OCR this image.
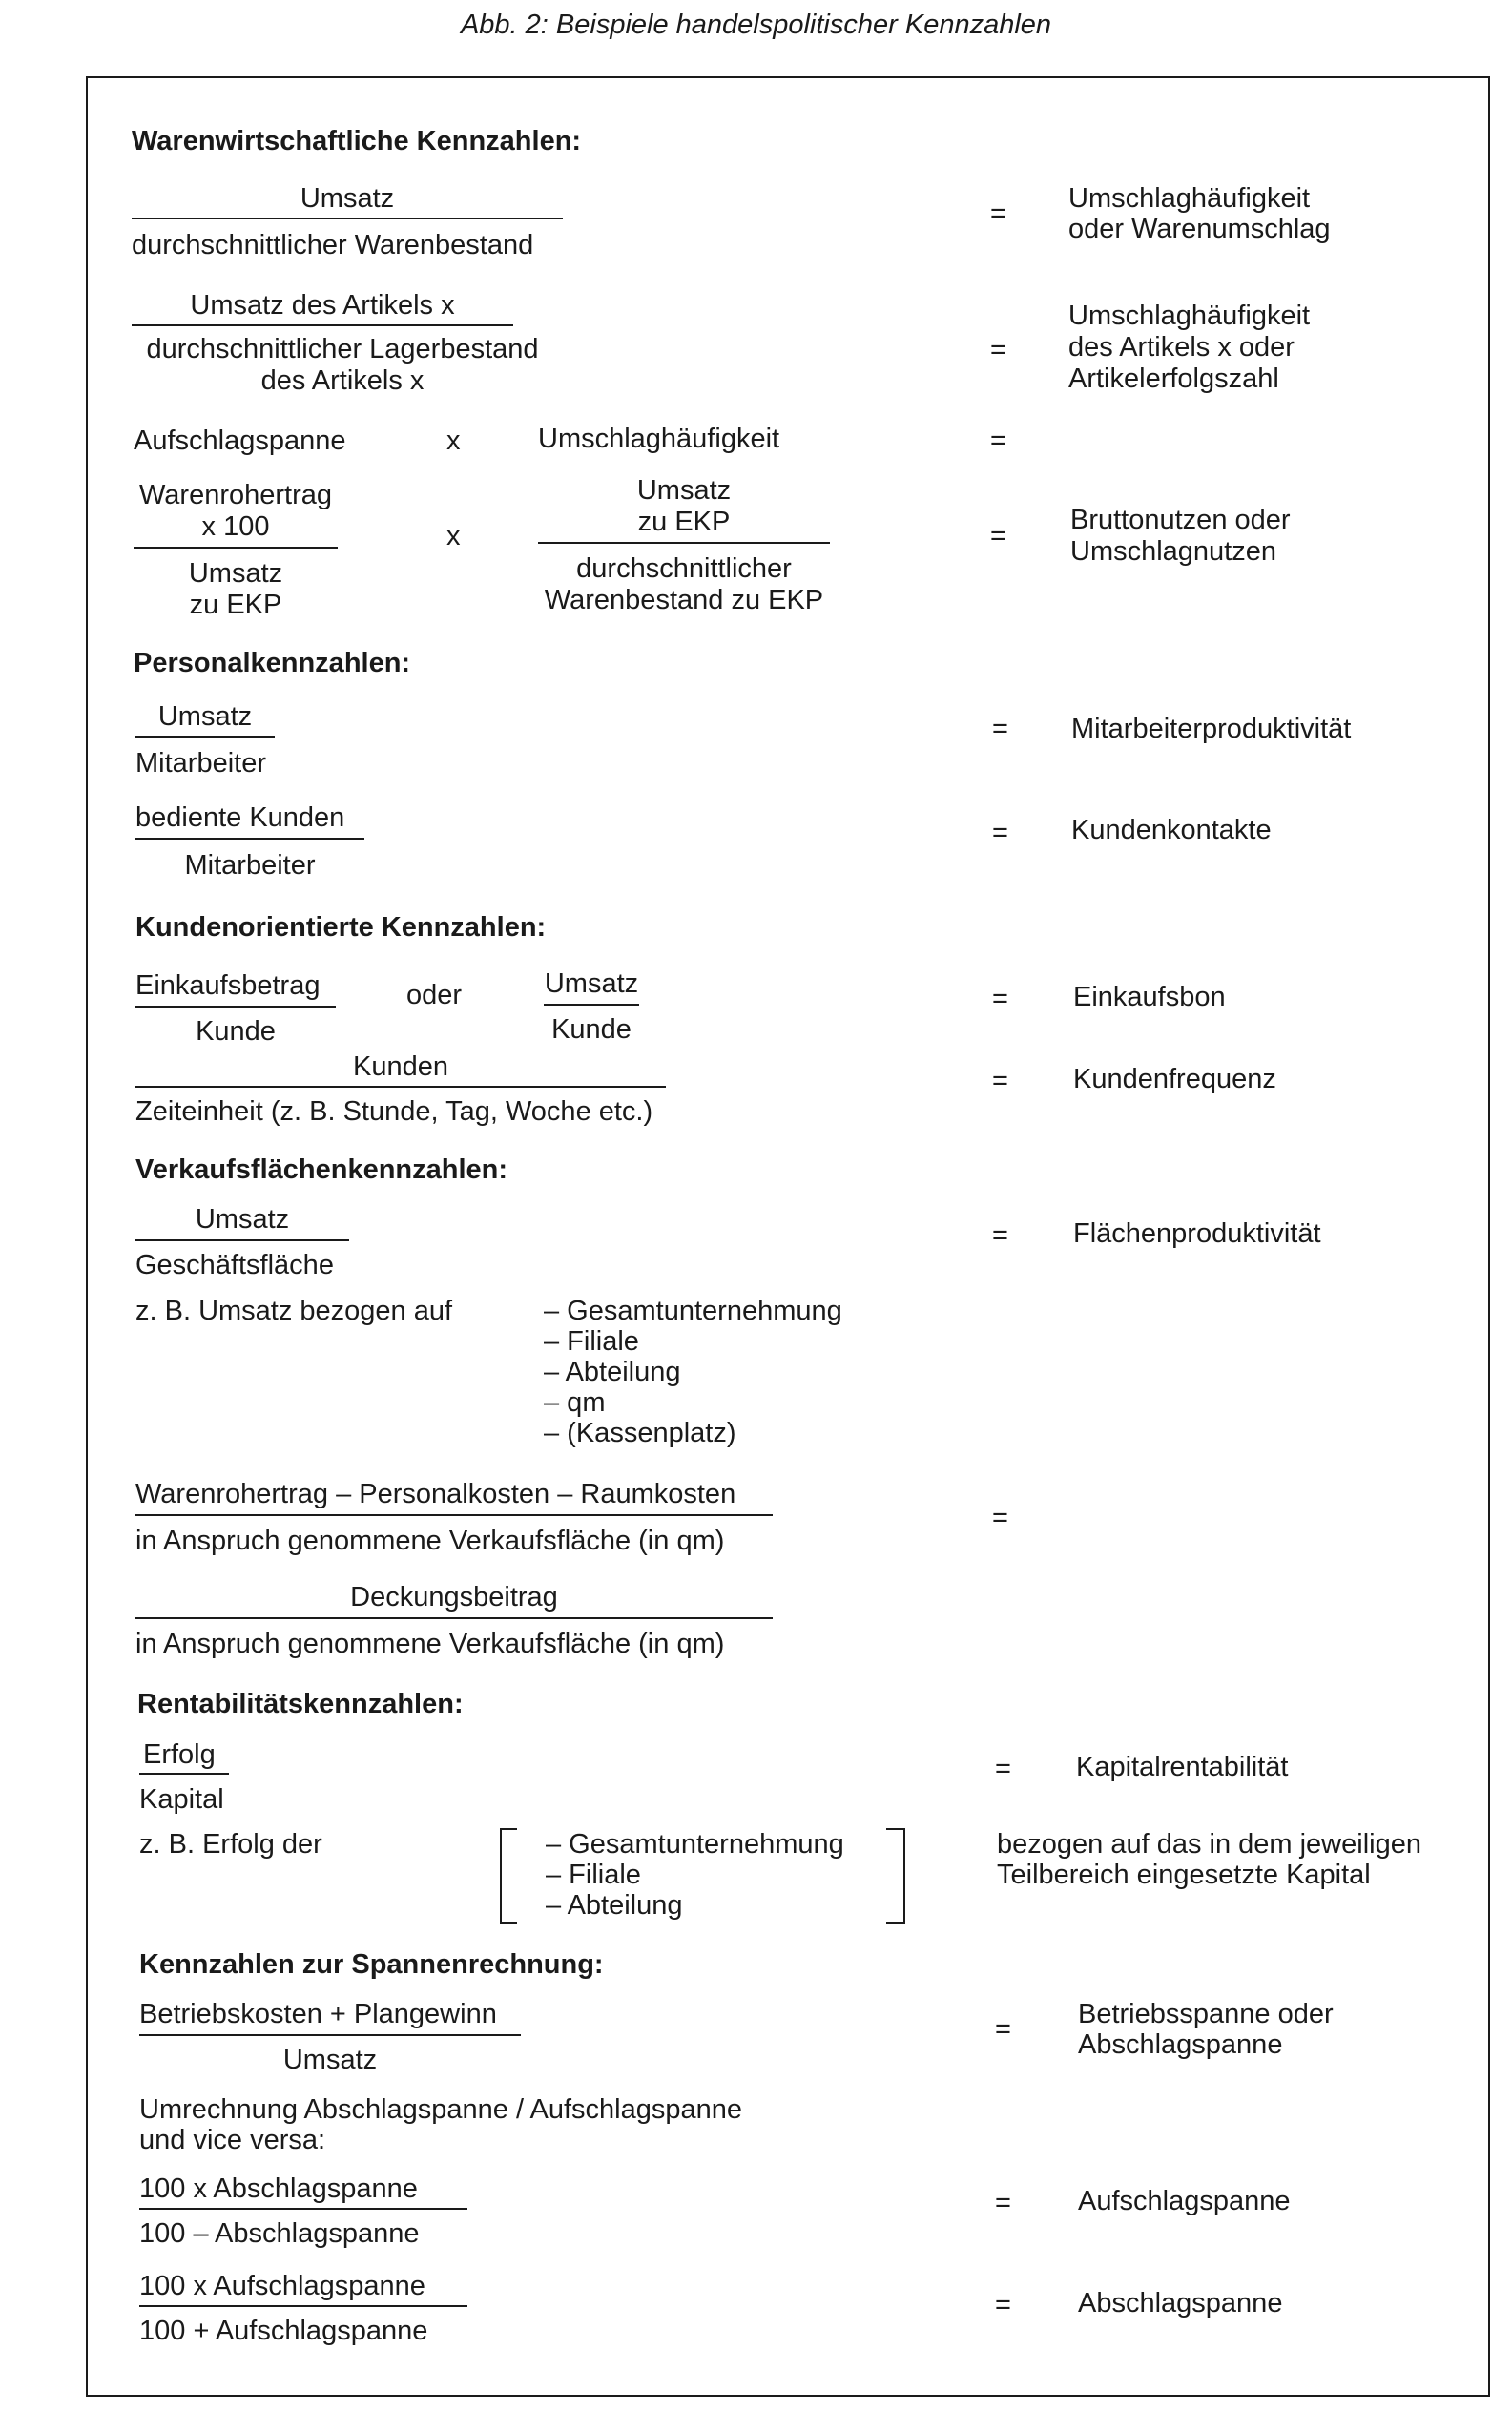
Abb. 2: Beispiele handelspolitischer Kennzahlen
Warenwirtschaftliche Kennzahlen:
Umsatz
durchschnittlicher Warenbestand
= Umschlaghäufigkeit
oder Warenumschlag
Umsatz des Artikels x
durchschnittlicher Lagerbestand
des Artikels x
=
Umschlaghäufigkeit
des Artikels x oder
Artikelerfolgszahl
Aufschlagspanne	x	Umschlaghäufigkeit	=
Warenrohertrag
x 100
Umsatz
zu EKP
x
Umsatz
zu EKP
durchschnittlicher
Warenbestand zu EKP
=
Bruttonutzen oder
Umschlagnutzen
Personalkennzahlen:
Umsatz
Mitarbeiter
= Mitarbeiterproduktivität
bediente Kunden
Mitarbeiter
= Kundenkontakte
Kundenorientierte Kennzahlen:
Einkaufsbetrag
Kunde
oder	Umsatz
Kunde
= Einkaufsbon
Kunden
Zeiteinheit (z. B. Stunde, Tag, Woche etc.)
= Kundenfrequenz
Verkaufsflächenkennzahlen:
Umsatz
Geschäftsfläche
= Flächenproduktivität
z. B. Umsatz bezogen auf	– Gesamtunternehmung
– Filiale
– Abteilung
– qm
– (Kassenplatz)
Warenrohertrag – Personalkosten – Raumkosten
in Anspruch genommene Verkaufsfläche (in qm)
=
Deckungsbeitrag
in Anspruch genommene Verkaufsfläche (in qm)
Rentabilitätskennzahlen:
Erfolg
Kapital
= Kapitalrentabilität
z. B. Erfolg der	– Gesamtunternehmung
– Filiale
– Abteilung
bezogen auf das in dem jeweiligen
Teilbereich eingesetzte Kapital
Kennzahlen zur Spannenrechnung:
Betriebskosten + Plangewinn
Umsatz
= Betriebsspanne oder
Abschlagspanne
Umrechnung Abschlagspanne / Aufschlagspanne
und vice versa:
100 x Abschlagspanne
100 – Abschlagspanne
= Aufschlagspanne
100 x Aufschlagspanne
100 + Aufschlagspanne
= Abschlagspanne
